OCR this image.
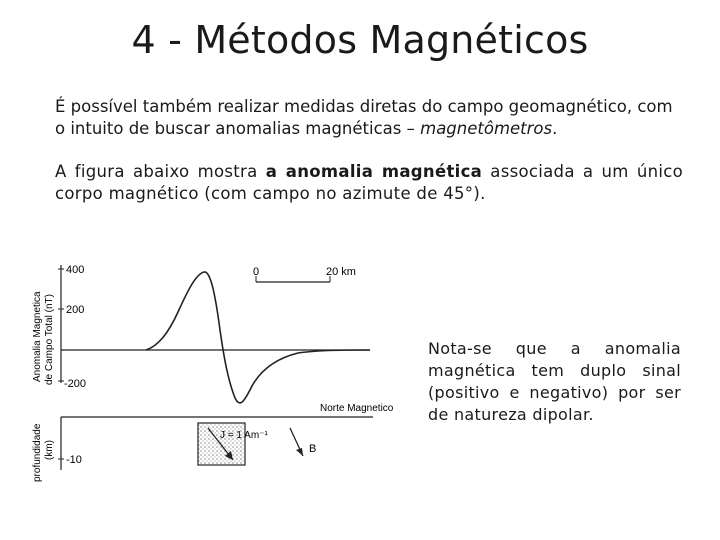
4 - Métodos Magnéticos
É possível também realizar medidas diretas do campo geomagnético, com o intuito de buscar anomalias magnéticas – magnetômetros.
A figura abaixo mostra a anomalia magnética associada a um único corpo magnético (com campo no azimute de 45°).
Anomalia Magnetica de Campo Total (nT)
profundidade (km)
400
200
-200
0	20 km
-10
Norte Magnetico
J = 1 Am⁻¹
B
Nota-se que a anomalia magnética tem duplo sinal (positivo e negativo) por ser de natureza dipolar.
